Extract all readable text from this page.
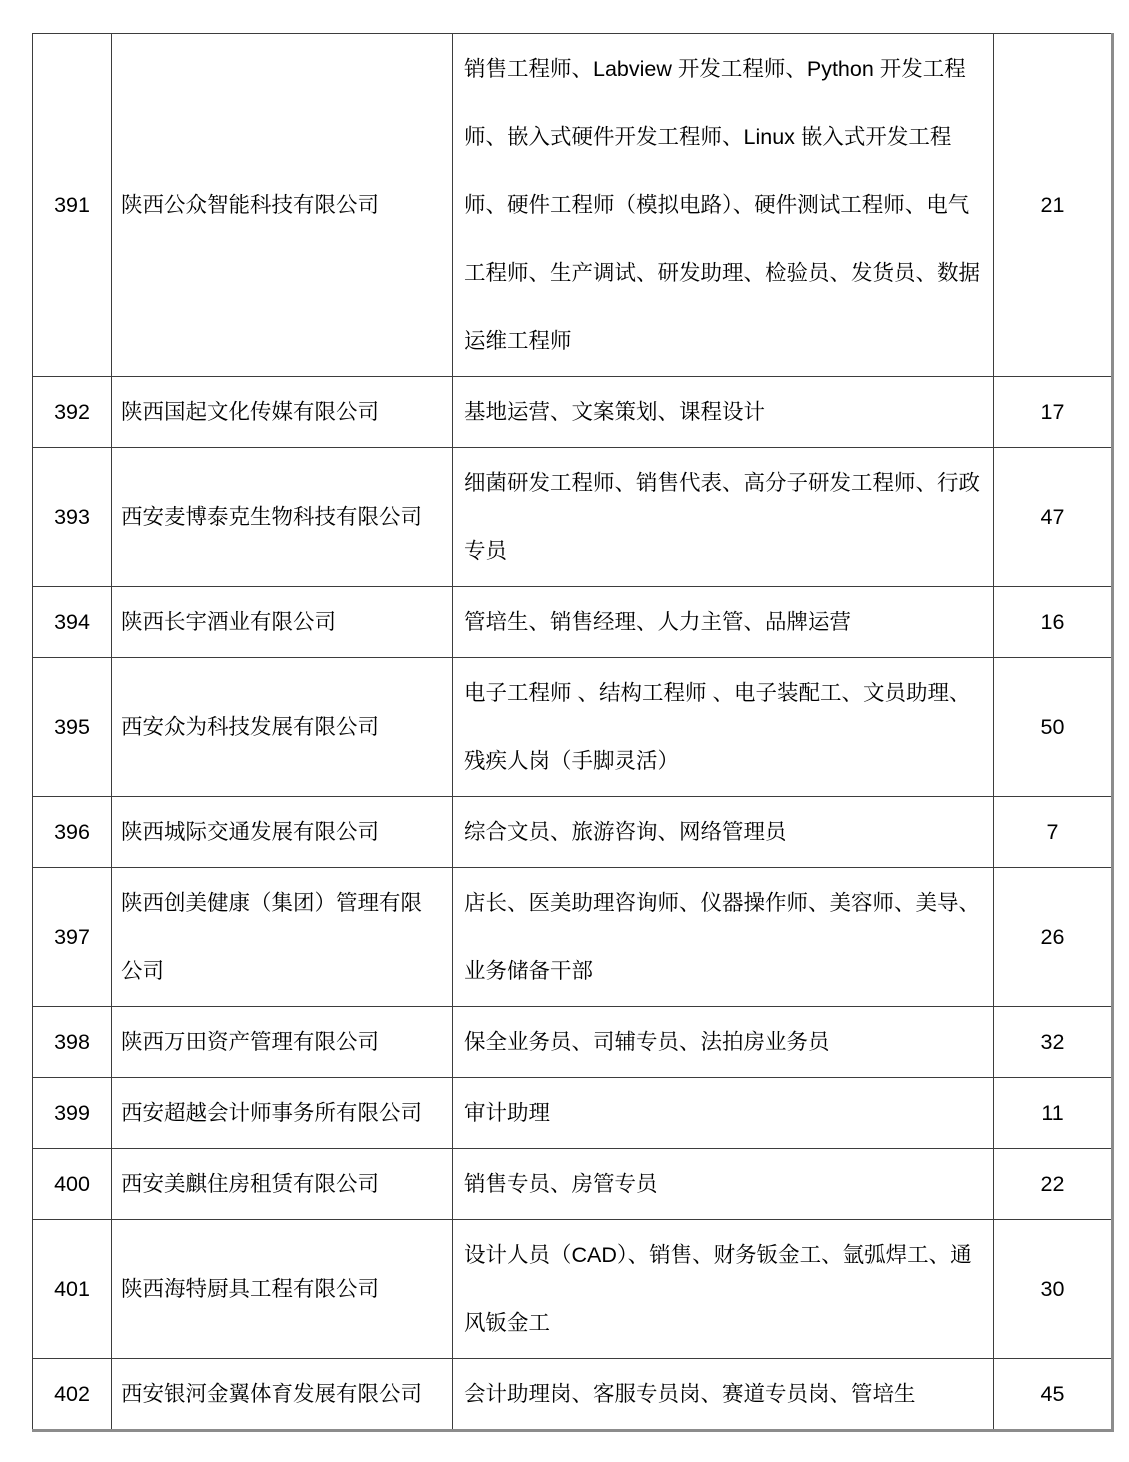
391	陕西公众智能科技有限公司	销售工程师、Labview 开发工程师、Python 开发工程师、嵌入式硬件开发工程师、Linux 嵌入式开发工程师、硬件工程师（模拟电路）、硬件测试工程师、电气工程师、生产调试、研发助理、检验员、发货员、数据运维工程师	21
392	陕西国起文化传媒有限公司	基地运营、文案策划、课程设计	17
393	西安麦博泰克生物科技有限公司	细菌研发工程师、销售代表、高分子研发工程师、行政专员	47
394	陕西长宇酒业有限公司	管培生、销售经理、人力主管、品牌运营	16
395	西安众为科技发展有限公司	电子工程师 、结构工程师 、电子装配工、文员助理、残疾人岗（手脚灵活）	50
396	陕西城际交通发展有限公司	综合文员、旅游咨询、网络管理员	7
397	陕西创美健康（集团）管理有限公司	店长、医美助理咨询师、仪器操作师、美容师、美导、业务储备干部	26
398	陕西万田资产管理有限公司	保全业务员、司辅专员、法拍房业务员	32
399	西安超越会计师事务所有限公司	审计助理	11
400	西安美麒住房租赁有限公司	销售专员、房管专员	22
401	陕西海特厨具工程有限公司	设计人员（CAD）、销售、财务钣金工、氩弧焊工、通风钣金工	30
402	西安银河金翼体育发展有限公司	会计助理岗、客服专员岗、赛道专员岗、管培生	45
